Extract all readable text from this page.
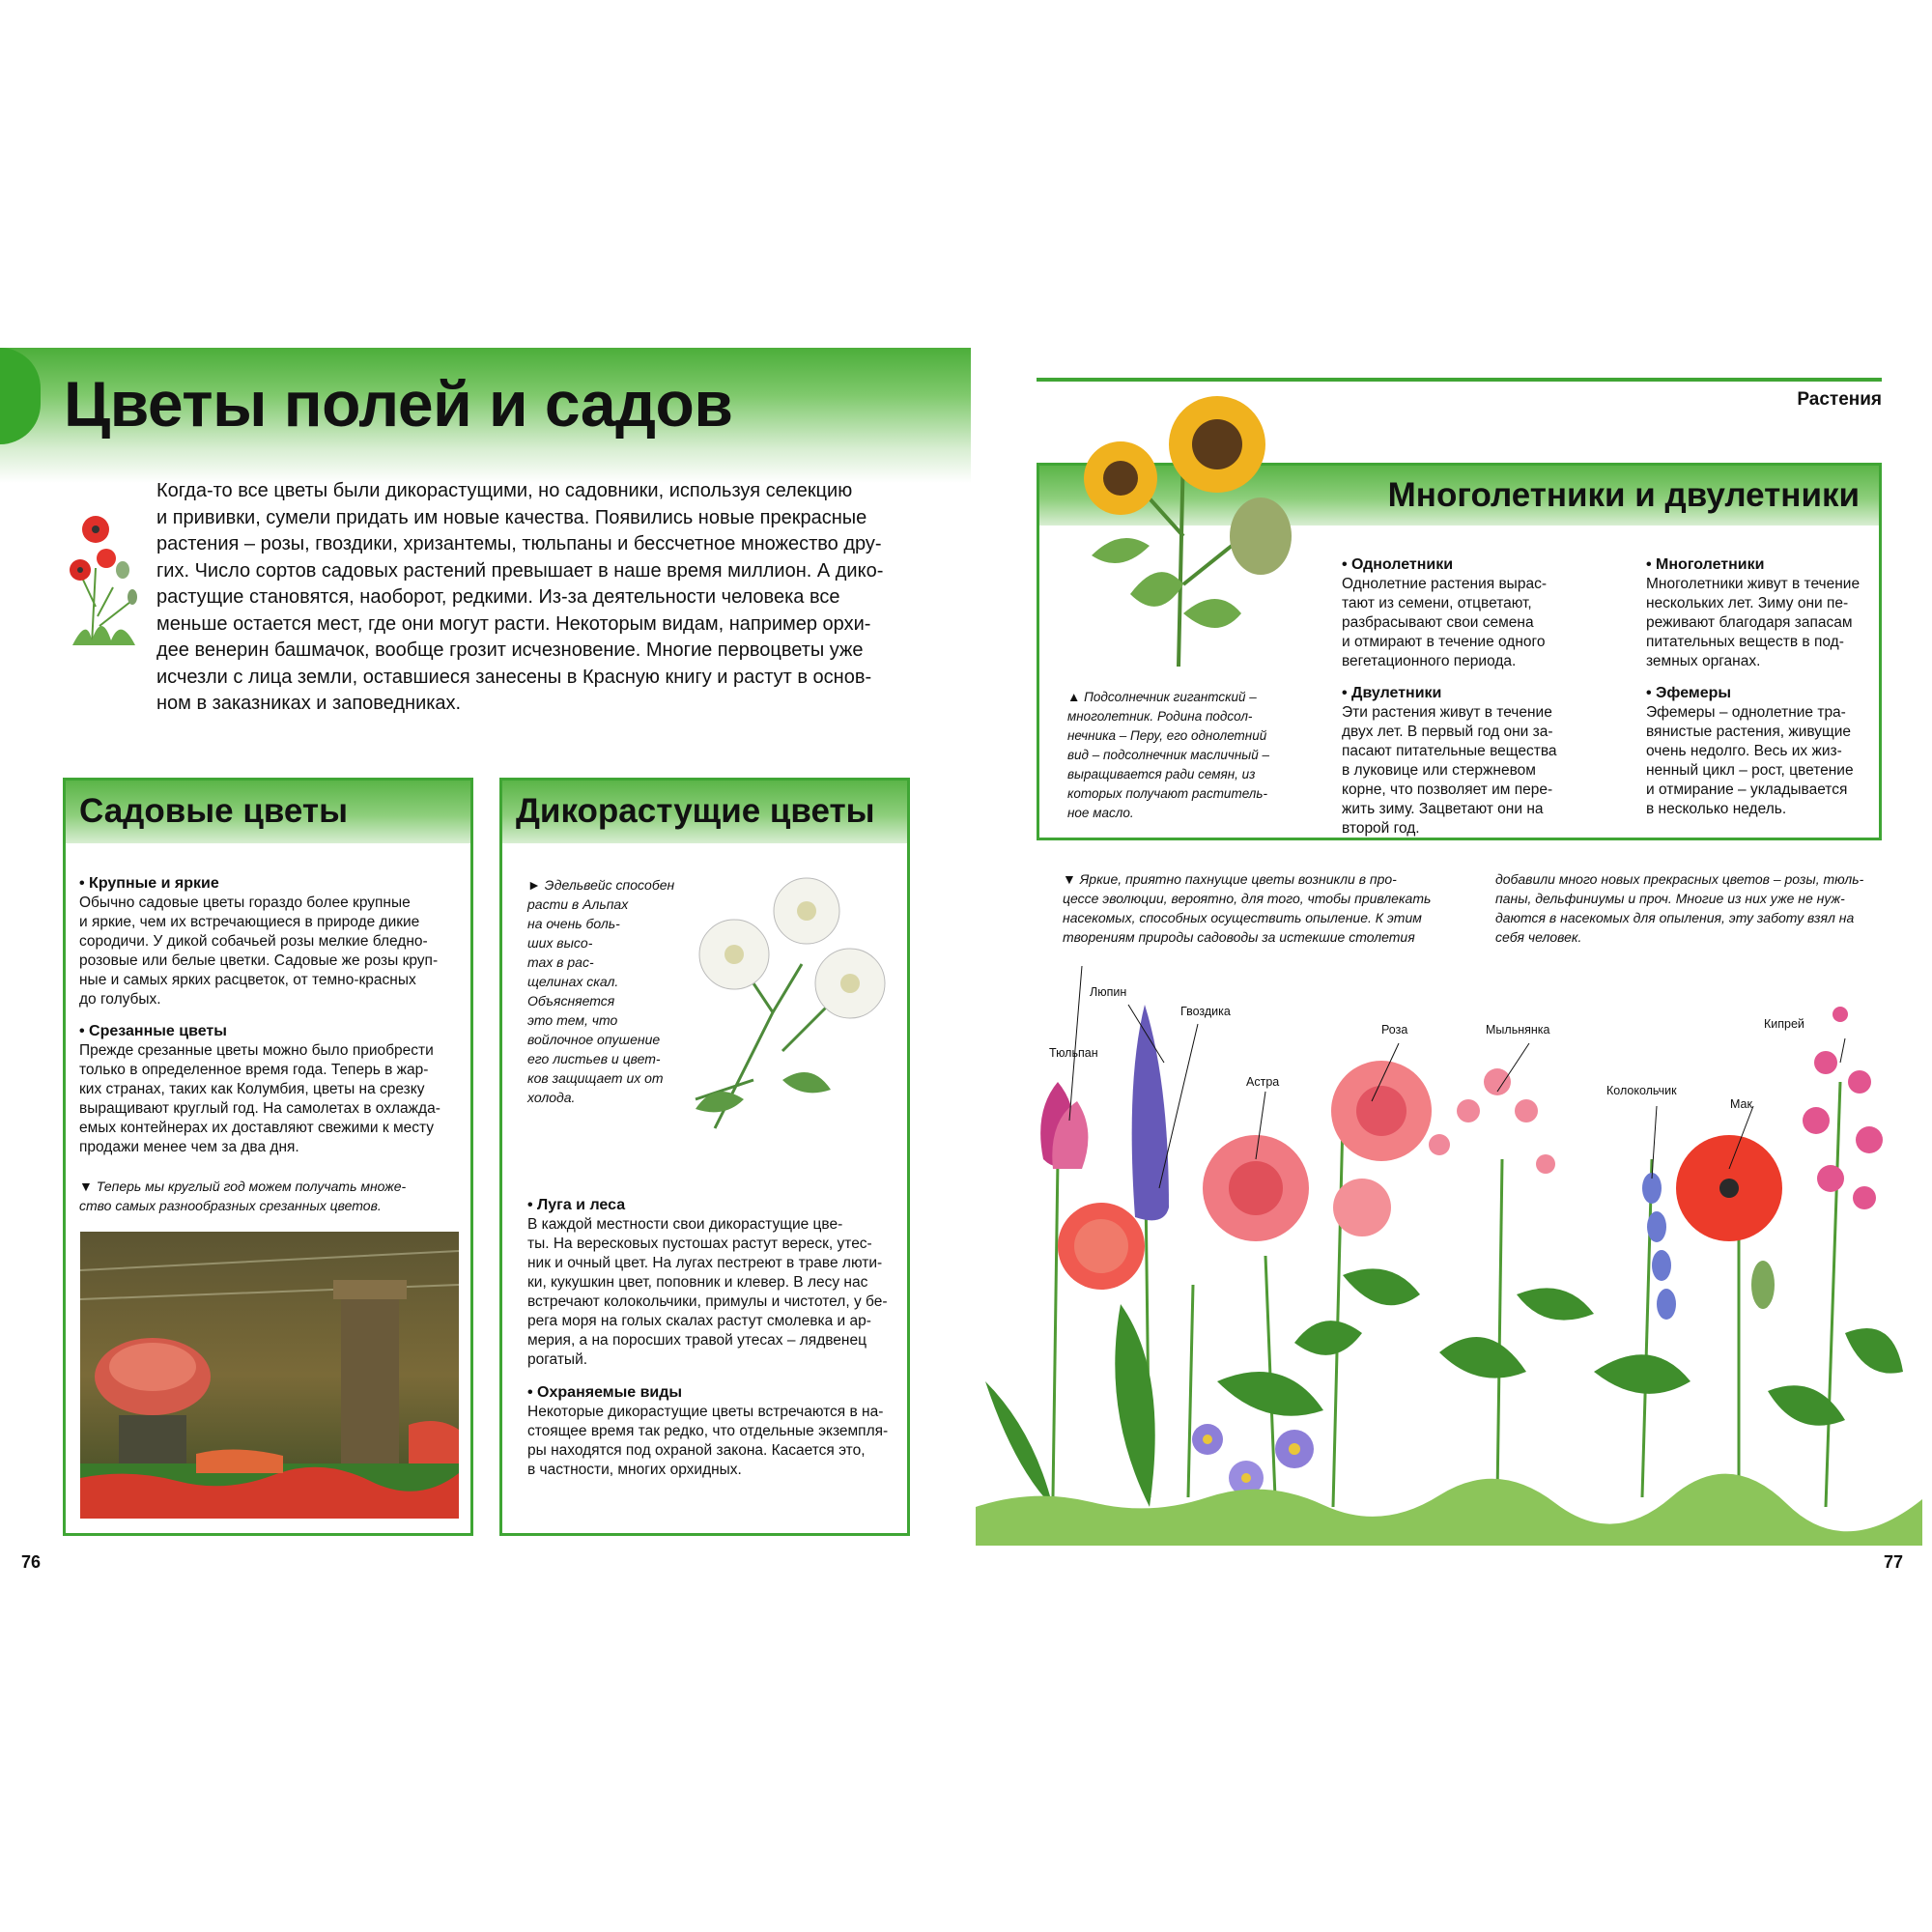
Цветы полей и садов
Когда-то все цветы были дикорастущими, но садовники, используя селекцию
и прививки, сумели придать им новые качества. Появились новые прекрасные
растения – розы, гвоздики, хризантемы, тюльпаны и бессчетное множество дру-
гих. Число сортов садовых растений превышает в наше время миллион. А дико-
растущие становятся, наоборот, редкими. Из-за деятельности человека все
меньше остается мест, где они могут расти. Некоторым видам, например орхи-
дее венерин башмачок, вообще грозит исчезновение. Многие первоцветы уже
исчезли с лица земли, оставшиеся занесены в Красную книгу и растут в основ-
ном в заказниках и заповедниках.
Садовые цветы

• Крупные и яркие
Обычно садовые цветы гораздо более крупные
и яркие, чем их встречающиеся в природе дикие
сородичи. У дикой собачьей розы мелкие бледно-
розовые или белые цветки. Садовые же розы круп-
ные и самых ярких расцветок, от темно-красных
до голубых.

• Срезанные цветы
Прежде срезанные цветы можно было приобрести
только в определенное время года. Теперь в жар-
ких странах, таких как Колумбия, цветы на срезку
выращивают круглый год. На самолетах в охлажда-
емых контейнерах их доставляют свежими к месту
продажи менее чем за два дня.

▼ Теперь мы круглый год можем получать множе-
ство самых разнообразных срезанных цветов.
Дикорастущие цветы
► Эдельвейс способен
расти в Альпах
на очень боль-
ших высо-
тах в рас-
щелинах скал.
Объясняется
это тем, что
войлочное опушение
его листьев и цвет-
ков защищает их от
холода.

• Луга и леса
В каждой местности свои дикорастущие цве-
ты. На вересковых пустошах растут вереск, утес-
ник и очный цвет. На лугах пестреют в траве люти-
ки, кукушкин цвет, поповник и клевер. В лесу нас
встречают колокольчики, примулы и чистотел, у бе-
рега моря на голых скалах растут смолевка и ар-
мерия, а на поросших травой утесах – лядвенец
рогатый.

• Охраняемые виды
Некоторые дикорастущие цветы встречаются в на-
стоящее время так редко, что отдельные экземпля-
ры находятся под охраной закона. Касается это,
в частности, многих орхидных.

76
Растения
Многолетники и двулетники
▲ Подсолнечник гигантский –
многолетник. Родина подсол-
нечника – Перу, его однолетний
вид – подсолнечник масличный –
выращивается ради семян, из
которых получают раститель-
ное масло.

• Однолетники
Однолетние растения вырас-
тают из семени, отцветают,
разбрасывают свои семена
и отмирают в течение одного
вегетационного периода.

• Двулетники
Эти растения живут в течение
двух лет. В первый год они за-
пасают питательные вещества
в луковице или стержневом
корне, что позволяет им пере-
жить зиму. Зацветают они на
второй год.

• Многолетники
Многолетники живут в течение
нескольких лет. Зиму они пе-
реживают благодаря запасам
питательных веществ в под-
земных органах.

• Эфемеры
Эфемеры – однолетние тра-
вянистые растения, живущие
очень недолго. Весь их жиз-
ненный цикл – рост, цветение
и отмирание – укладывается
в несколько недель.

▼ Яркие, приятно пахнущие цветы возникли в про-
цессе эволюции, вероятно, для того, чтобы привлекать
насекомых, способных осуществить опыление. К этим
творениям природы садоводы за истекшие столетия
добавили много новых прекрасных цветов – розы, тюль-
паны, дельфиниумы и проч. Многие из них уже не нуж-
даются в насекомых для опыления, эту заботу взял на
себя человек.
Люпин
Гвоздика
Тюльпан
Астра
Роза	Мыльнянка
Колокольчик
Кипрей
Мак
77
